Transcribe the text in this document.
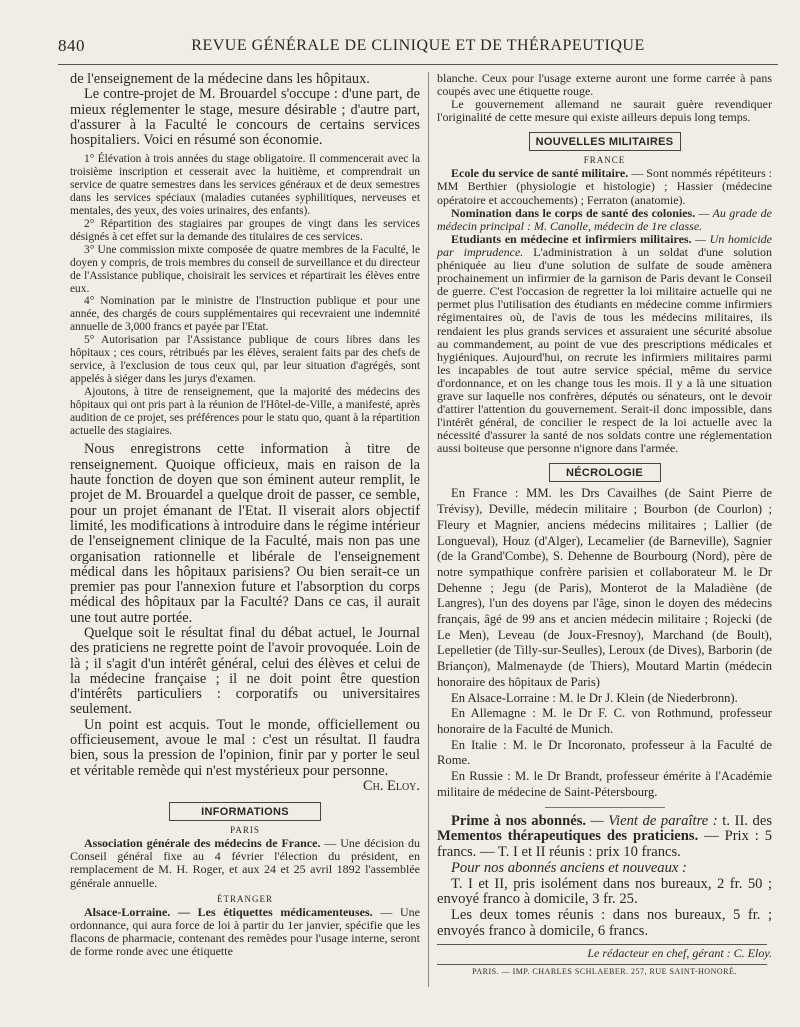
840	REVUE GÉNÉRALE DE CLINIQUE ET DE THÉRAPEUTIQUE

de l'enseignement de la médecine dans les hôpitaux.

Le contre-projet de M. Brouardel s'occupe : d'une part, de mieux réglementer le stage, mesure désirable ; d'autre part, d'assurer à la Faculté le concours de certains services hospitaliers. Voici en résumé son économie.

1° Élévation à trois années du stage obligatoire. Il commencerait avec la troisième inscription et cesserait avec la huitième, et comprendrait un service de quatre semestres dans les services généraux et de deux semestres dans les services spéciaux (maladies cutanées syphilitiques, nerveuses et mentales, des yeux, des voies urinaires, des enfants).

2° Répartition des stagiaires par groupes de vingt dans les services désignés à cet effet sur la demande des titulaires de ces services.

3° Une commission mixte composée de quatre membres de la Faculté, le doyen y compris, de trois membres du conseil de surveillance et du directeur de l'Assistance publique, choisirait les services et répartirait les élèves entre eux.

4° Nomination par le ministre de l'Instruction publique et pour une année, des chargés de cours supplémentaires qui recevraient une indemnité annuelle de 3,000 francs et payée par l'Etat.

5° Autorisation par l'Assistance publique de cours libres dans les hôpitaux ; ces cours, rétribués par les élèves, seraient faits par des chefs de service, à l'exclusion de tous ceux qui, par leur situation d'agrégés, sont appelés à siéger dans les jurys d'examen.

Ajoutons, à titre de renseignement, que la majorité des médecins des hôpitaux qui ont pris part à la réunion de l'Hôtel-de-Ville, a manifesté, après audition de ce projet, ses préférences pour le statu quo, quant à la répartition actuelle des stagiaires.

Nous enregistrons cette information à titre de renseignement. Quoique officieux, mais en raison de la haute fonction de doyen que son éminent auteur remplit, le projet de M. Brouardel a quelque droit de passer, ce semble, pour un projet émanant de l'Etat. Il viserait alors objectif limité, les modifications à introduire dans le régime intérieur de l'enseignement clinique de la Faculté, mais non pas une organisation rationnelle et libérale de l'enseignement médical dans les hôpitaux parisiens? Ou bien serait-ce un premier pas pour l'annexion future et l'absorption du corps médical des hôpitaux par la Faculté? Dans ce cas, il aurait une tout autre portée.

Quelque soit le résultat final du débat actuel, le Journal des praticiens ne regrette point de l'avoir provoquée. Loin de là ; il s'agit d'un intérêt général, celui des élèves et celui de la médecine française ; il ne doit point être question d'intérêts particuliers : corporatifs ou universitaires seulement.

Un point est acquis. Tout le monde, officiellement ou officieusement, avoue le mal : c'est un résultat. Il faudra bien, sous la pression de l'opinion, finir par y porter le seul et véritable remède qui n'est mystérieux pour personne.

Ch. Eloy.

INFORMATIONS
PARIS

Association générale des médecins de France. — Une décision du Conseil général fixe au 4 février l'élection du président, en remplacement de M. H. Roger, et aux 24 et 25 avril 1892 l'assemblée générale annuelle.

ÉTRANGER

Alsace-Lorraine. — Les étiquettes médicamenteuses. — Une ordonnance, qui aura force de loi à partir du 1er janvier, spécifie que les flacons de pharmacie, contenant des remèdes pour l'usage interne, seront de forme ronde avec une étiquette

blanche. Ceux pour l'usage externe auront une forme carrée à pans coupés avec une étiquette rouge.

Le gouvernement allemand ne saurait guère revendiquer l'originalité de cette mesure qui existe ailleurs depuis long temps.

NOUVELLES MILITAIRES
FRANCE

Ecole du service de santé militaire. — Sont nommés répétiteurs : MM Berthier (physiologie et histologie) ; Hassier (médecine opératoire et accouchements) ; Ferraton (anatomie).

Nomination dans le corps de santé des colonies. — Au grade de médecin principal : M. Canolle, médecin de 1re classe.

Etudiants en médecine et infirmiers militaires. — Un homicide par imprudence. L'administration à un soldat d'une solution phéniquée au lieu d'une solution de sulfate de soude amènera prochainement un infirmier de la garnison de Paris devant le Conseil de guerre. C'est l'occasion de regretter la loi militaire actuelle qui ne permet plus l'utilisation des étudiants en médecine comme infirmiers régimentaires où, de l'avis de tous les médecins militaires, ils rendaient les plus grands services et assuraient une sécurité absolue au commandement, au point de vue des prescriptions médicales et hygiéniques. Aujourd'hui, on recrute les infirmiers militaires parmi les incapables de tout autre service spécial, même du service d'ordonnance, et on les change tous les mois. Il y a là une situation grave sur laquelle nos confrères, députés ou sénateurs, ont le devoir d'attirer l'attention du gouvernement. Serait-il donc impossible, dans l'intérêt général, de concilier le respect de la loi actuelle avec la nécessité d'assurer la santé de nos soldats contre une réglementation aussi boiteuse que personne n'ignore dans l'armée.

NÉCROLOGIE

En France : MM. les Drs Cavailhes (de Saint Pierre de Trévisy), Deville, médecin militaire ; Bourbon (de Courlon) ; Fleury et Magnier, anciens médecins militaires ; Lallier (de Longueval), Houz (d'Alger), Lecamelier (de Barneville), Sagnier (de la Grand'Combe), S. Dehenne de Bourbourg (Nord), père de notre sympathique confrère parisien et collaborateur M. le Dr Dehenne ; Jegu (de Paris), Monterot de la Maladiène (de Langres), l'un des doyens par l'âge, sinon le doyen des médecins français, âgé de 99 ans et ancien médecin militaire ; Rojecki (de Le Men), Leveau (de Joux-Fresnoy), Marchand (de Boult), Lepelletier (de Tilly-sur-Seulles), Leroux (de Dives), Barborin (de Briançon), Malmenayde (de Thiers), Moutard Martin (médecin honoraire des hôpitaux de Paris)

En Alsace-Lorraine : M. le Dr J. Klein (de Niederbronn).

En Allemagne : M. le Dr F. C. von Rothmund, professeur honoraire de la Faculté de Munich.

En Italie : M. le Dr Incoronato, professeur à la Faculté de Rome.

En Russie : M. le Dr Brandt, professeur émérite à l'Académie militaire de médecine de Saint-Pétersbourg.

Prime à nos abonnés. — Vient de paraître : t. II. des Mementos thérapeutiques des praticiens. — Prix : 5 francs. — T. I et II réunis : prix 10 francs.

Pour nos abonnés anciens et nouveaux :

T. I et II, pris isolément dans nos bureaux, 2 fr. 50 ; envoyé franco à domicile, 3 fr. 25.

Les deux tomes réunis : dans nos bureaux, 5 fr. ; envoyés franco à domicile, 6 francs.

Le rédacteur en chef, gérant : C. Eloy.

PARIS. — IMP. CHARLES SCHLAEBER. 257, RUE SAINT-HONORÉ.
